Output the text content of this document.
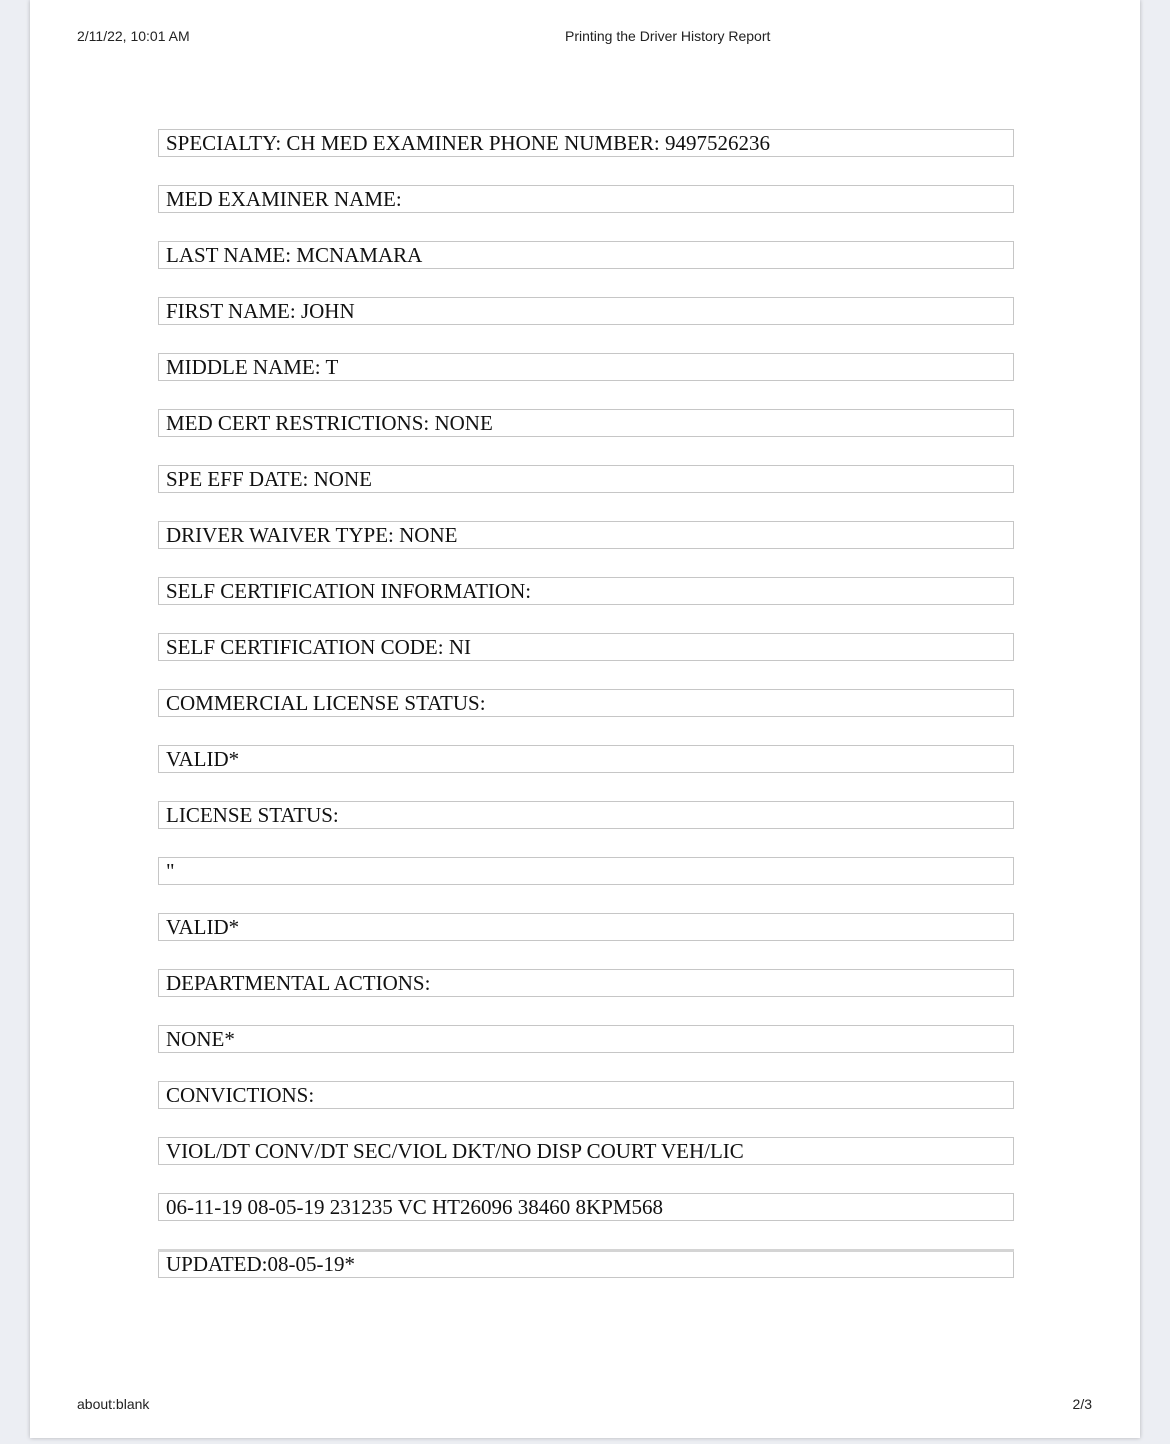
2/11/22, 10:01 AM	Printing the Driver History Report
SPECIALTY: CH MED EXAMINER PHONE NUMBER: 9497526236
MED EXAMINER NAME:
LAST NAME: MCNAMARA
FIRST NAME: JOHN
MIDDLE NAME: T
MED CERT RESTRICTIONS: NONE
SPE EFF DATE: NONE
DRIVER WAIVER TYPE: NONE
SELF CERTIFICATION INFORMATION:
SELF CERTIFICATION CODE: NI
COMMERCIAL LICENSE STATUS:
VALID*
LICENSE STATUS:
"
VALID*
DEPARTMENTAL ACTIONS:
NONE*
CONVICTIONS:
VIOL/DT CONV/DT SEC/VIOL DKT/NO DISP COURT VEH/LIC
06-11-19 08-05-19 231235 VC HT26096 38460 8KPM568
UPDATED:08-05-19*
about:blank	2/3
